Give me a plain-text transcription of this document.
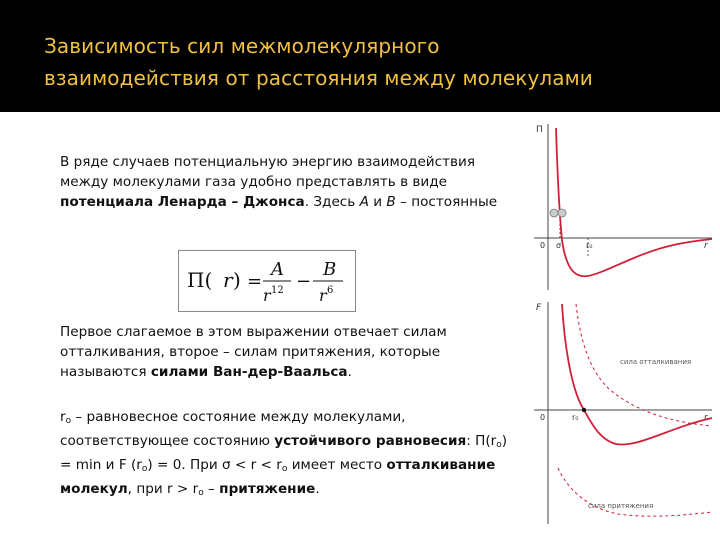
Зависимость сил межмолекулярного
взаимодействия от расстояния между молекулами
В ряде случаев потенциальную энергию взаимодействия между молекулами газа удобно представлять в виде потенциала Ленарда – Джонса. Здесь A и B – постоянные
Π( r ) =
A
r 12 −
B
r 6
Первое слагаемое в этом выражении отвечает силам отталкивания, второе – силам притяжения, которые называются силами Ван-дер-Ваальса.
$r_o$ – равновесное состояние между молекулами, соответствующее состоянию устойчивого равновесия: $\Pi(r_o) = \min и$ F $(r_o) = 0$. При $\sigma < r < r_o$ имеет место отталкивание молекул, при $r > r_o$ – притяжение.
Π
r
0 σ	r₀
F
r
0	r₀
сила отталкивания
сила притяжения
